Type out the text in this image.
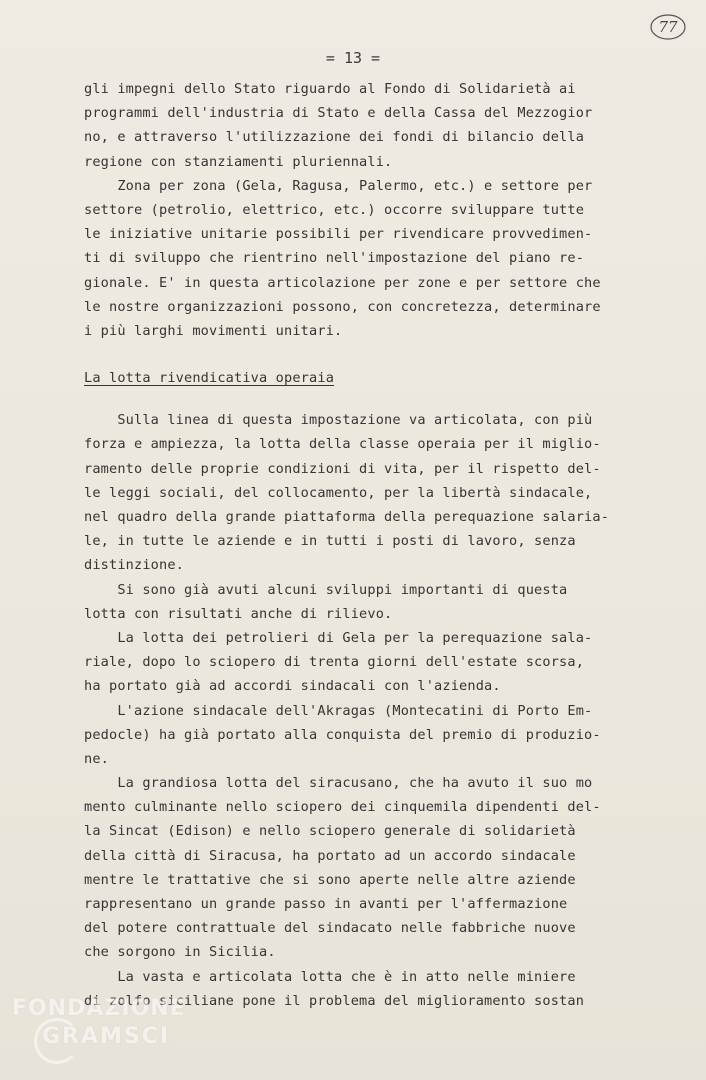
77
= 13 =
gli impegni dello Stato riguardo al Fondo di Solidarietà ai
programmi dell'industria di Stato e della Cassa del Mezzogior
no, e attraverso l'utilizzazione dei fondi di bilancio della
regione con stanziamenti pluriennali.
Zona per zona (Gela, Ragusa, Palermo, etc.) e settore per
settore (petrolio, elettrico, etc.) occorre sviluppare tutte
le iniziative unitarie possibili per rivendicare provvedimen-
ti di sviluppo che rientrino nell'impostazione del piano re-
gionale. E' in questa articolazione per zone e per settore che
le nostre organizzazioni possono, con concretezza, determinare
i più larghi movimenti unitari.
La lotta rivendicativa operaia
Sulla linea di questa impostazione va articolata, con più
forza e ampiezza, la lotta della classe operaia per il miglio-
ramento delle proprie condizioni di vita, per il rispetto del-
le leggi sociali, del collocamento, per la libertà sindacale,
nel quadro della grande piattaforma della perequazione salaria-
le, in tutte le aziende e in tutti i posti di lavoro, senza
distinzione.
Si sono già avuti alcuni sviluppi importanti di questa
lotta con risultati anche di rilievo.
La lotta dei petrolieri di Gela per la perequazione sala-
riale, dopo lo sciopero di trenta giorni dell'estate scorsa,
ha portato già ad accordi sindacali con l'azienda.
L'azione sindacale dell'Akragas (Montecatini di Porto Em-
pedocle) ha già portato alla conquista del premio di produzio-
ne.
La grandiosa lotta del siracusano, che ha avuto il suo mo
mento culminante nello sciopero dei cinquemila dipendenti del-
la Sincat (Edison) e nello sciopero generale di solidarietà
della città di Siracusa, ha portato ad un accordo sindacale
mentre le trattative che si sono aperte nelle altre aziende
rappresentano un grande passo in avanti per l'affermazione
del potere contrattuale del sindacato nelle fabbriche nuove
che sorgono in Sicilia.
La vasta e articolata lotta che è in atto nelle miniere
di zolfo siciliane pone il problema del miglioramento sostan
FONDAZIONE
GRAMSCI
